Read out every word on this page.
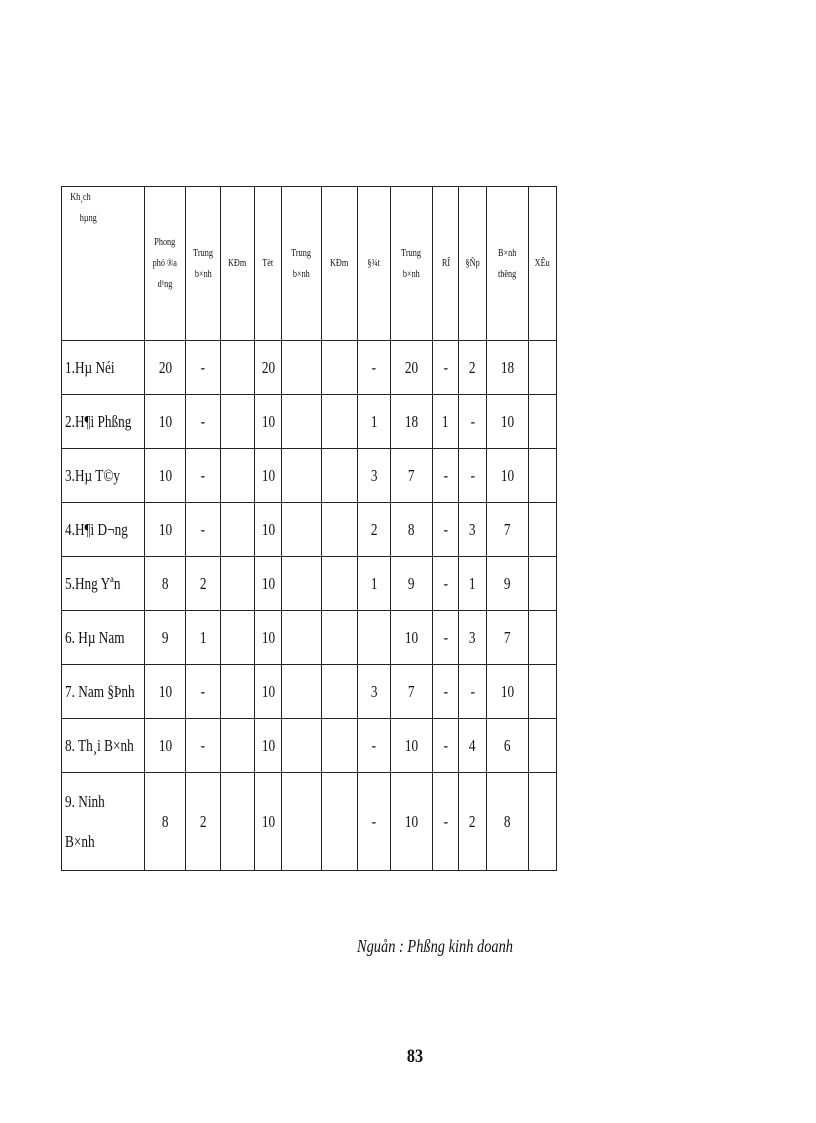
Kh¸ch
hµng	Phong
phó ®a
d¹ng	Trung
b×nh	KÐm	Tèt	Trung
b×nh	KÐm	§¾t	Trung
b×nh	RÎ	§Ñp	B×nh
thêng	XÊu
1.Hµ Néi	20	-		20			-	20	-	2	18	
2.H¶i Phßng	10	-		10			1	18	1	-	10	
3.Hµ T©y	10	-		10			3	7	-	-	10	
4.H¶i D¬ng	10	-		10			2	8	-	3	7	
5.Hng Yªn	8	2		10			1	9	-	1	9	
6. Hµ Nam	9	1		10				10	-	3	7	
7. Nam §Þnh	10	-		10			3	7	-	-	10	
8. Th¸i B×nh	10	-		10			-	10	-	4	6	
9. Ninh B×nh	8	2		10			-	10	-	2	8	
Nguån : Phßng kinh doanh
83
